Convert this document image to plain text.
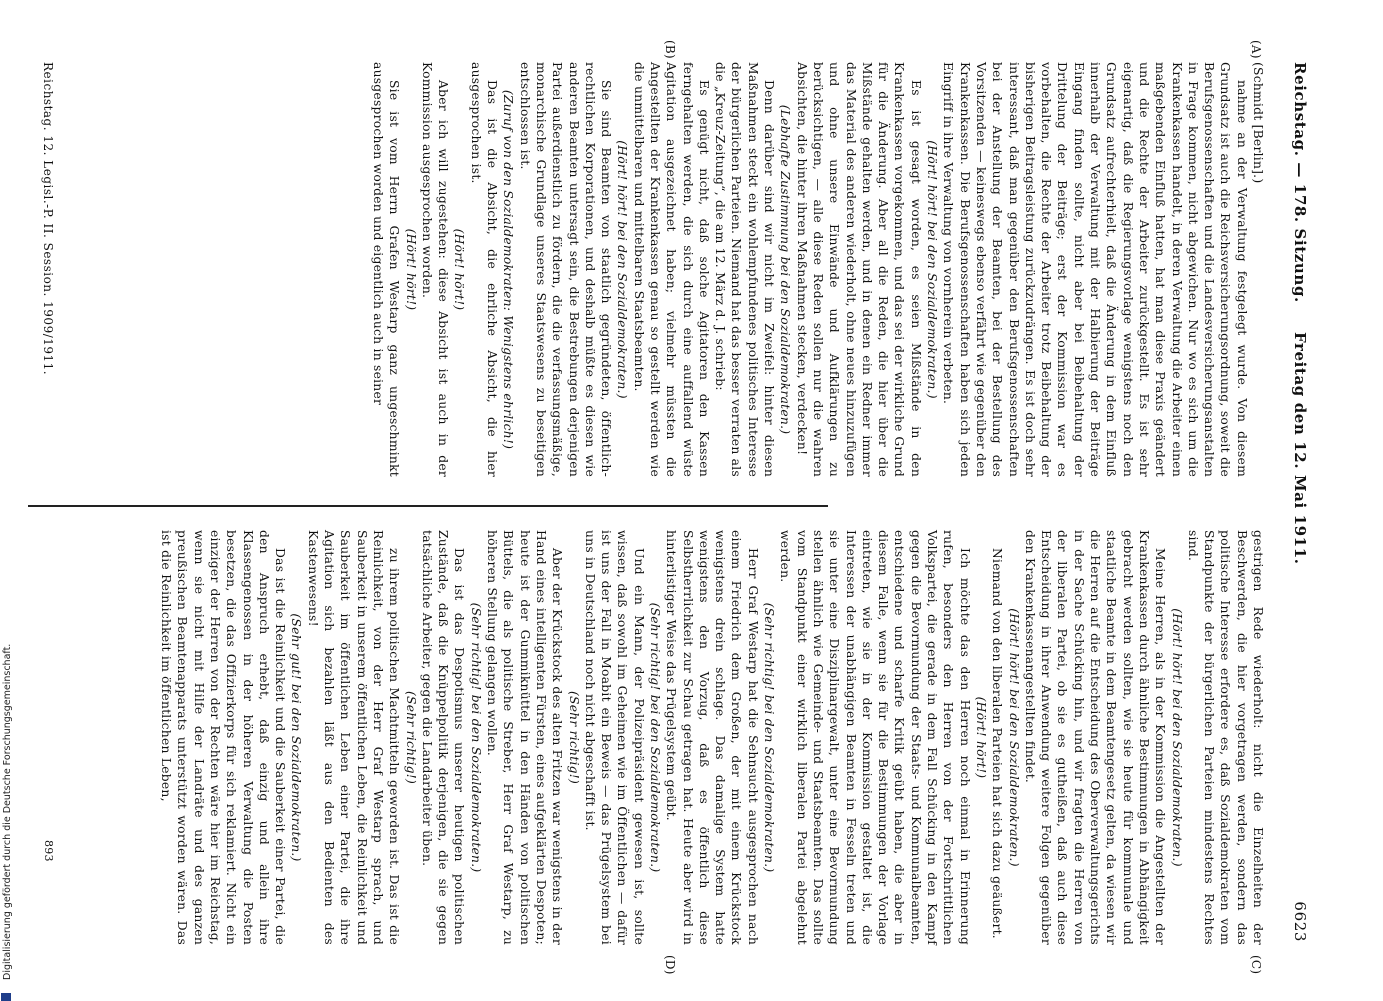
Reichstag. — 178. Sitzung.
Freitag den 12. Mai 1911.
6623
(A)
(B)
(C)
(D)

(Schmidt [Berlin].)

nahme an der Verwaltung festgelegt wurde. Von diesem Grundsatz ist auch die Reichsversicherungsordnung, soweit die Berufsgenossenschaften und die Landesversicherungsanstalten in Frage kommen, nicht abgewichen. Nur wo es sich um die Krankenkassen handelt, in deren Verwaltung die Arbeiter einen maßgebenden Einfluß hatten, hat man diese Praxis geändert und die Rechte der Arbeiter zurückgestellt. Es ist sehr eigenartig, daß die Regierungsvorlage wenigstens noch den Grundsatz aufrechterhielt, daß die Änderung in dem Einfluß innerhalb der Verwaltung mit der Halbierung der Beiträge Eingang finden sollte, nicht aber bei Beibehaltung der Drittelung der Beiträge; erst der Kommission war es vorbehalten, die Rechte der Arbeiter trotz Beibehaltung der bisherigen Beitragsleistung zurückzudrängen. Es ist doch sehr interessant, daß man gegenüber den Berufsgenossenschaften bei der Anstellung der Beamten, bei der Bestellung des Vorsitzenden — keineswegs ebenso verfährt wie gegenüber den Krankenkassen. Die Berufsgenossenschaften haben sich jeden Eingriff in ihre Verwaltung von vornherein verbeten.

(Hört! hört! bei den Sozialdemokraten.)

Es ist gesagt worden, es seien Mißstände in den Krankenkassen vorgekommen, und das sei der wirkliche Grund für die Änderung. Aber all die Reden, die hier über die Mißstände gehalten werden, und in denen ein Redner immer das Material des anderen wiederholt, ohne neues hinzuzufügen und ohne unsere Einwände und Aufklärungen zu berücksichtigen, — alle diese Reden sollen nur die wahren Absichten, die hinter ihren Maßnahmen stecken, verdecken!

(Lebhafte Zustimmung bei den Sozialdemokraten.)

Denn darüber sind wir nicht im Zweifel: hinter diesen Maßnahmen steckt ein wohlempfundenes politisches Interesse der bürgerlichen Parteien. Niemand hat das besser verraten als die „Kreuz-Zeitung“, die am 12. März d. J. schrieb:

Es genügt nicht, daß solche Agitatoren den Kassen ferngehalten werden, die sich durch eine auffallend wüste Agitation ausgezeichnet haben; vielmehr müssten die Angestellten der Krankenkassen genau so gestellt werden wie die unmittelbaren und mittelbaren Staatsbeamten.

(Hört! hört! bei den Sozialdemokraten.)

Sie sind Beamten von staatlich gegründeten, öffentlich-rechtlichen Korporationen, und deshalb müßte es diesen wie anderen Beamten untersagt sein, die Bestrebungen derjenigen Partei außerdienstlich zu fördern, die die verfassungsmäßige, monarchische Grundlage unseres Staatswesens zu beseitigen entschlossen ist.

(Zuruf von den Sozialdemokraten: Wenigstens ehrlich!)

Das ist die Absicht, die ehrliche Absicht, die hier ausgesprochen ist.

(Hört! hört!)

Aber ich will zugestehen: diese Absicht ist auch in der Kommission ausgesprochen worden.

(Hört! hört!)

Sie ist vom Herrn Grafen Westarp ganz ungeschminkt ausgesprochen worden und eigentlich auch in seiner

gestrigen Rede wiederholt: nicht die Einzelheiten der Beschwerden, die hier vorgetragen werden, sondern das politische Interesse erfordere es, daß Sozialdemokraten vom Standpunkte der bürgerlichen Parteien mindestens Rechtes sind.

(Hört! hört! bei den Sozialdemokraten.)

Meine Herren, als in der Kommission die Angestellten der Krankenkassen durch ähnliche Bestimmungen in Abhängigkeit gebracht werden sollten, wie sie heute für kommunale und staatliche Beamte in dem Beamtengesetz gelten, da wiesen wir die Herren auf die Entscheidung des Oberverwaltungsgerichts in der Sache Schücking hin, und wir fragten die Herren von der liberalen Partei, ob sie es gutheißen, daß auch diese Entscheidung in ihrer Anwendung weitere Folgen gegenüber den Krankenkassenangestellten findet.

(Hört! hört! bei den Sozialdemokraten.)

Niemand von den liberalen Parteien hat sich dazu geäußert.

(Hört! hört!)

Ich möchte das den Herren noch einmal in Erinnerung rufen, besonders den Herren von der Fortschrittlichen Volkspartei, die gerade in dem Fall Schücking in den Kampf gegen die Bevormundung der Staats- und Kommunalbeamten, entschiedene und scharfe Kritik geübt haben, die aber in diesem Falle, wenn sie für die Bestimmungen der Vorlage eintreten, wie sie in der Kommission gestaltet ist, die Interessen der unabhängigen Beamten in Fesseln treten und sie unter eine Disziplinargewalt, unter eine Bevormundung stellen ähnlich wie Gemeinde- und Staatsbeamten. Das sollte vom Standpunkt einer wirklich liberalen Partei abgelehnt werden.

(Sehr richtig! bei den Sozialdemokraten.)

Herr Graf Westarp hat die Sehnsucht ausgesprochen nach einem Friedrich dem Großen, der mit einem Krückstock wenigstens drein schlage. Das damalige System hatte wenigstens den Vorzug, daß es öffentlich diese Selbstherrlichkeit zur Schau getragen hat. Heute aber wird in hinterlistiger Weise das Prügelsystem geübt.

(Sehr richtig! bei den Sozialdemokraten.)

Und ein Mann, der Polizeipräsident gewesen ist, sollte wissen, daß sowohl im Geheimen wie im Öffentlichen — dafür ist uns der Fall in Moabit ein Beweis — das Prügelsystem bei uns in Deutschland noch nicht abgeschafft ist.

(Sehr richtig!)

Aber der Krückstock des alten Fritzen war wenigstens in der Hand eines intelligenten Fürsten, eines aufgeklärten Despoten; heute ist der Gummiknüttel in den Händen von politischen Büttels, die als politische Streber, Herr Graf Westarp, zu höheren Stellung gelangen wollen.

(Sehr richtig! bei den Sozialdemokraten.)

Das ist das Despotismus unserer heutigen politischen Zustände, daß die Knüppelpolitik derjenigen, die sie gegen tatsächliche Arbeiter, gegen die Landarbeiter üben.

(Sehr richtig!)

zu ihrem politischen Machtmitteln geworden ist. Das ist die Reinlichkeit, von der Herr Graf Westarp sprach, und Sauberkeit in unserem öffentlichen Leben, die Reinlichkeit und Sauberkeit im öffentlichen Leben einer Partei, die ihre Agitation sich bezahlen läßt aus den Bedienten des Kastenwesens!

(Sehr gut! bei den Sozialdemokraten.)

Das ist die Reinlichkeit und die Sauberkeit einer Partei, die den Anspruch erhebt, daß einzig und allein ihre Klassengenossen in der höheren Verwaltung die Posten besetzen, die das Offizierkorps für sich reklamiert. Nicht ein einziger der Herren von der Rechten wäre hier im Reichstag, wenn sie nicht mit Hilfe der Landräte und des ganzen preußischen Beamtenapparats unterstützt worden wären. Das ist die Reinlichkeit im öffentlichen Leben,

Reichstag. 12. Legisl.-P. II. Session. 1909/1911.
893
Digitalisierung gefördert durch die Deutsche Forschungsgemeinschaft.
